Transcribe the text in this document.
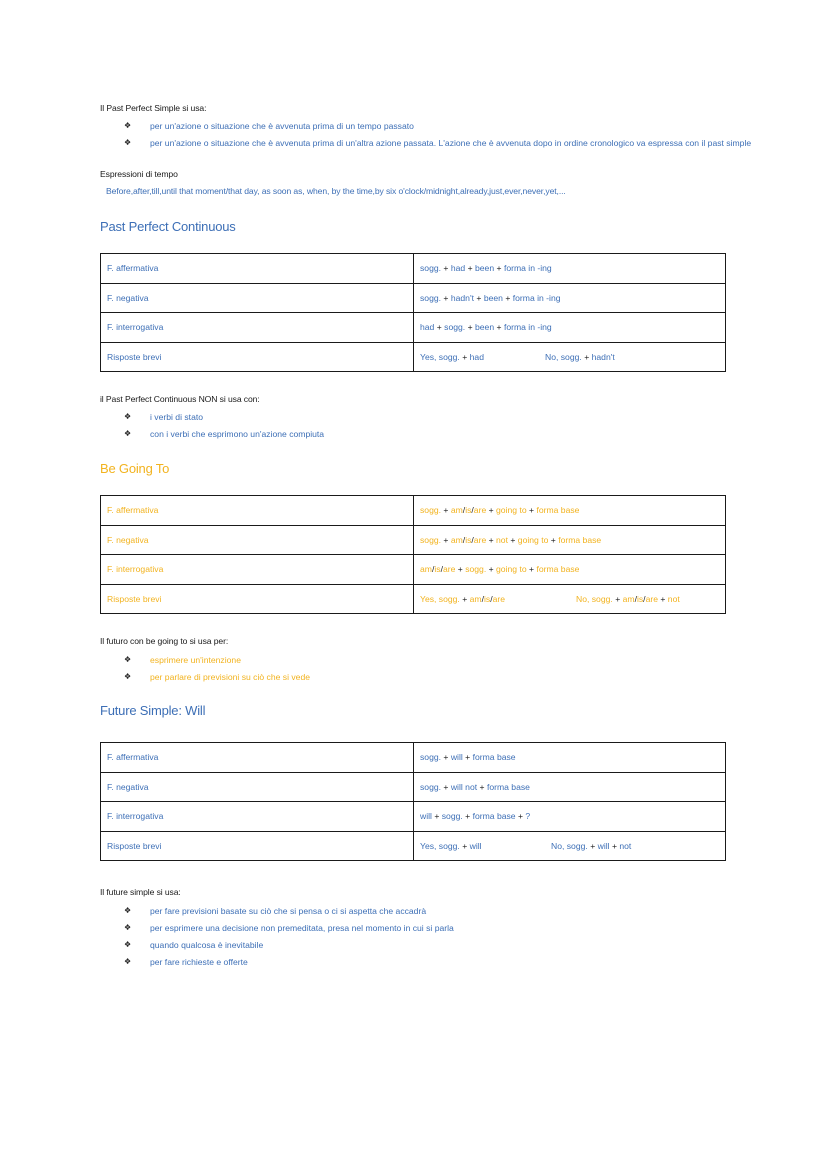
Il Past Perfect Simple si usa:
❖ per un'azione o situazione che è avvenuta prima di un tempo passato
❖ per un'azione o situazione che è avvenuta prima di un'altra azione passata. L'azione che è avvenuta dopo in ordine cronologico va espressa con il past simple
Espressioni di tempo
Before,after,till,until that moment/that day, as soon as, when, by the time,by six o'clock/midnight,already,just,ever,never,yet,...
Past Perfect Continuous
F. affermativa	sogg. + had + been + forma in -ing
F. negativa	sogg. + hadn't + been + forma in -ing
F. interrogativa	had + sogg. + been + forma in -ing
Risposte brevi	Yes, sogg. + had No, sogg. + hadn't
il Past Perfect Continuous NON si usa con:
❖ i verbi di stato
❖ con i verbi che esprimono un'azione compiuta
Be Going To
F. affermativa	sogg. + am/is/are + going to + forma base
F. negativa	sogg. + am/is/are + not + going to + forma base
F. interrogativa	am/is/are + sogg. + going to + forma base
Risposte brevi	Yes, sogg. + am/is/are No, sogg. + am/is/are + not
Il futuro con be going to si usa per:
❖ esprimere un'intenzione
❖ per parlare di previsioni su ciò che si vede
Future Simple: Will
F. affermativa	sogg. + will + forma base
F. negativa	sogg. + will not + forma base
F. interrogativa	will + sogg. + forma base + ?
Risposte brevi	Yes, sogg. + will No, sogg. + will + not
Il future simple si usa:
❖ per fare previsioni basate su ciò che si pensa o ci si aspetta che accadrà
❖ per esprimere una decisione non premeditata, presa nel momento in cui si parla
❖ quando qualcosa è inevitabile
❖ per fare richieste e offerte
